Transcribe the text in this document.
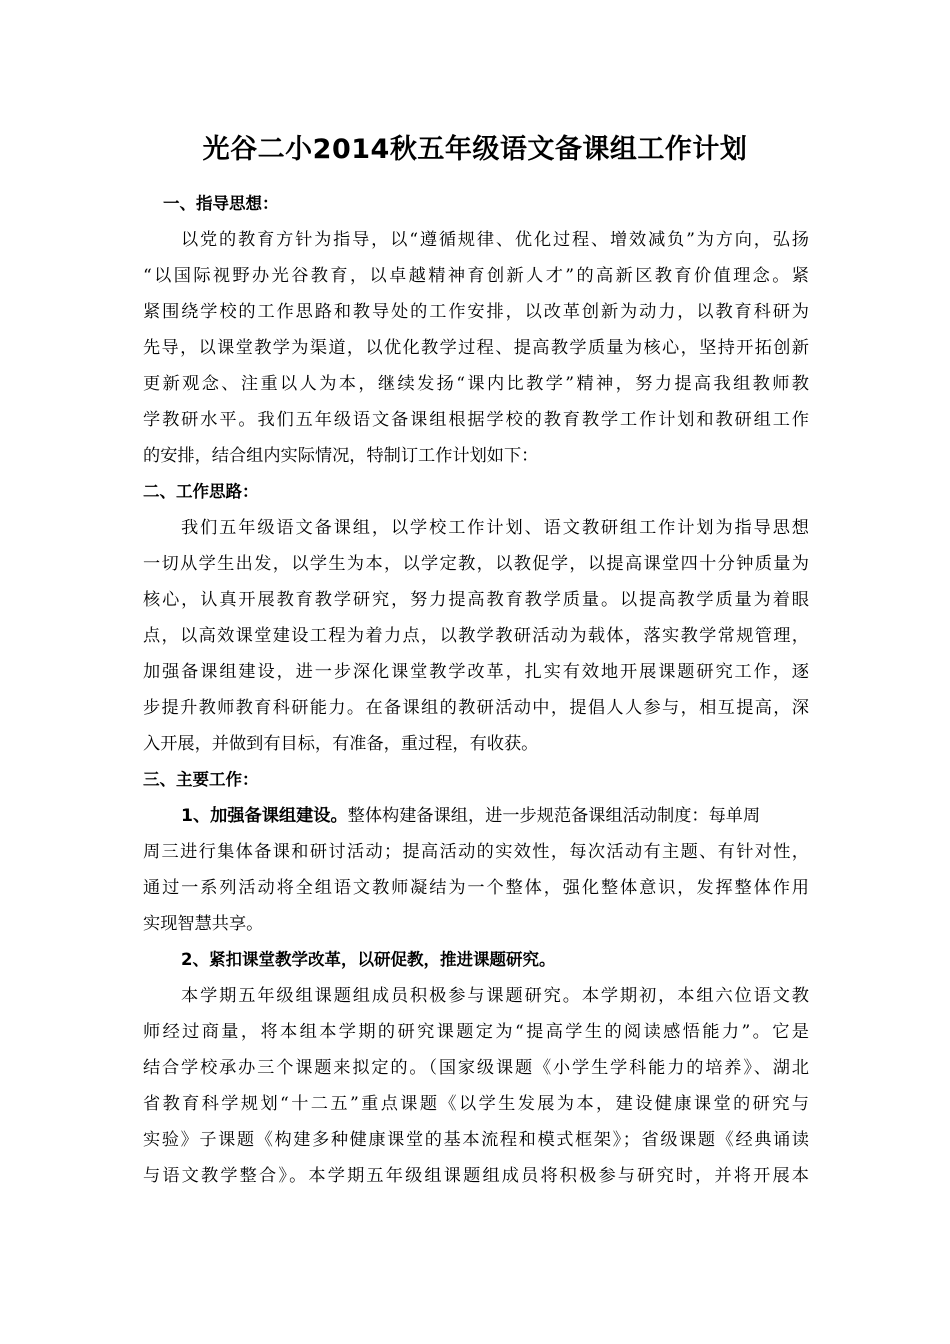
光谷二小2014秋五年级语文备课组工作计划
一、指导思想：
以党的教育方针为指导，以“遵循规律、优化过程、增效减负”为方向，弘扬
“以国际视野办光谷教育，以卓越精神育创新人才”的高新区教育价值理念。紧
紧围绕学校的工作思路和教导处的工作安排，以改革创新为动力，以教育科研为
先导，以课堂教学为渠道，以优化教学过程、提高教学质量为核心，坚持开拓创新
更新观念、注重以人为本，继续发扬“课内比教学”精神，努力提高我组教师教
学教研水平。我们五年级语文备课组根据学校的教育教学工作计划和教研组工作
的安排，结合组内实际情况，特制订工作计划如下：
二、工作思路：
我们五年级语文备课组，以学校工作计划、语文教研组工作计划为指导思想
一切从学生出发，以学生为本，以学定教，以教促学，以提高课堂四十分钟质量为
核心，认真开展教育教学研究，努力提高教育教学质量。以提高教学质量为着眼
点，以高效课堂建设工程为着力点，以教学教研活动为载体，落实教学常规管理，
加强备课组建设，进一步深化课堂教学改革，扎实有效地开展课题研究工作，逐
步提升教师教育科研能力。在备课组的教研活动中，提倡人人参与，相互提高，深
入开展，并做到有目标，有准备，重过程，有收获。
三、主要工作：
1、加强备课组建设。整体构建备课组，进一步规范备课组活动制度：每单周
周三进行集体备课和研讨活动；提高活动的实效性，每次活动有主题、有针对性，
通过一系列活动将全组语文教师凝结为一个整体，强化整体意识，发挥整体作用
实现智慧共享。
2、紧扣课堂教学改革，以研促教，推进课题研究。
本学期五年级组课题组成员积极参与课题研究。本学期初，本组六位语文教
师经过商量，将本组本学期的研究课题定为“提高学生的阅读感悟能力”。它是
结合学校承办三个课题来拟定的。（国家级课题《小学生学科能力的培养》、湖北
省教育科学规划“十二五”重点课题《以学生发展为本，建设健康课堂的研究与
实验》子课题《构建多种健康课堂的基本流程和模式框架》；省级课题《经典诵读
与语文教学整合》。本学期五年级组课题组成员将积极参与研究时，并将开展本
